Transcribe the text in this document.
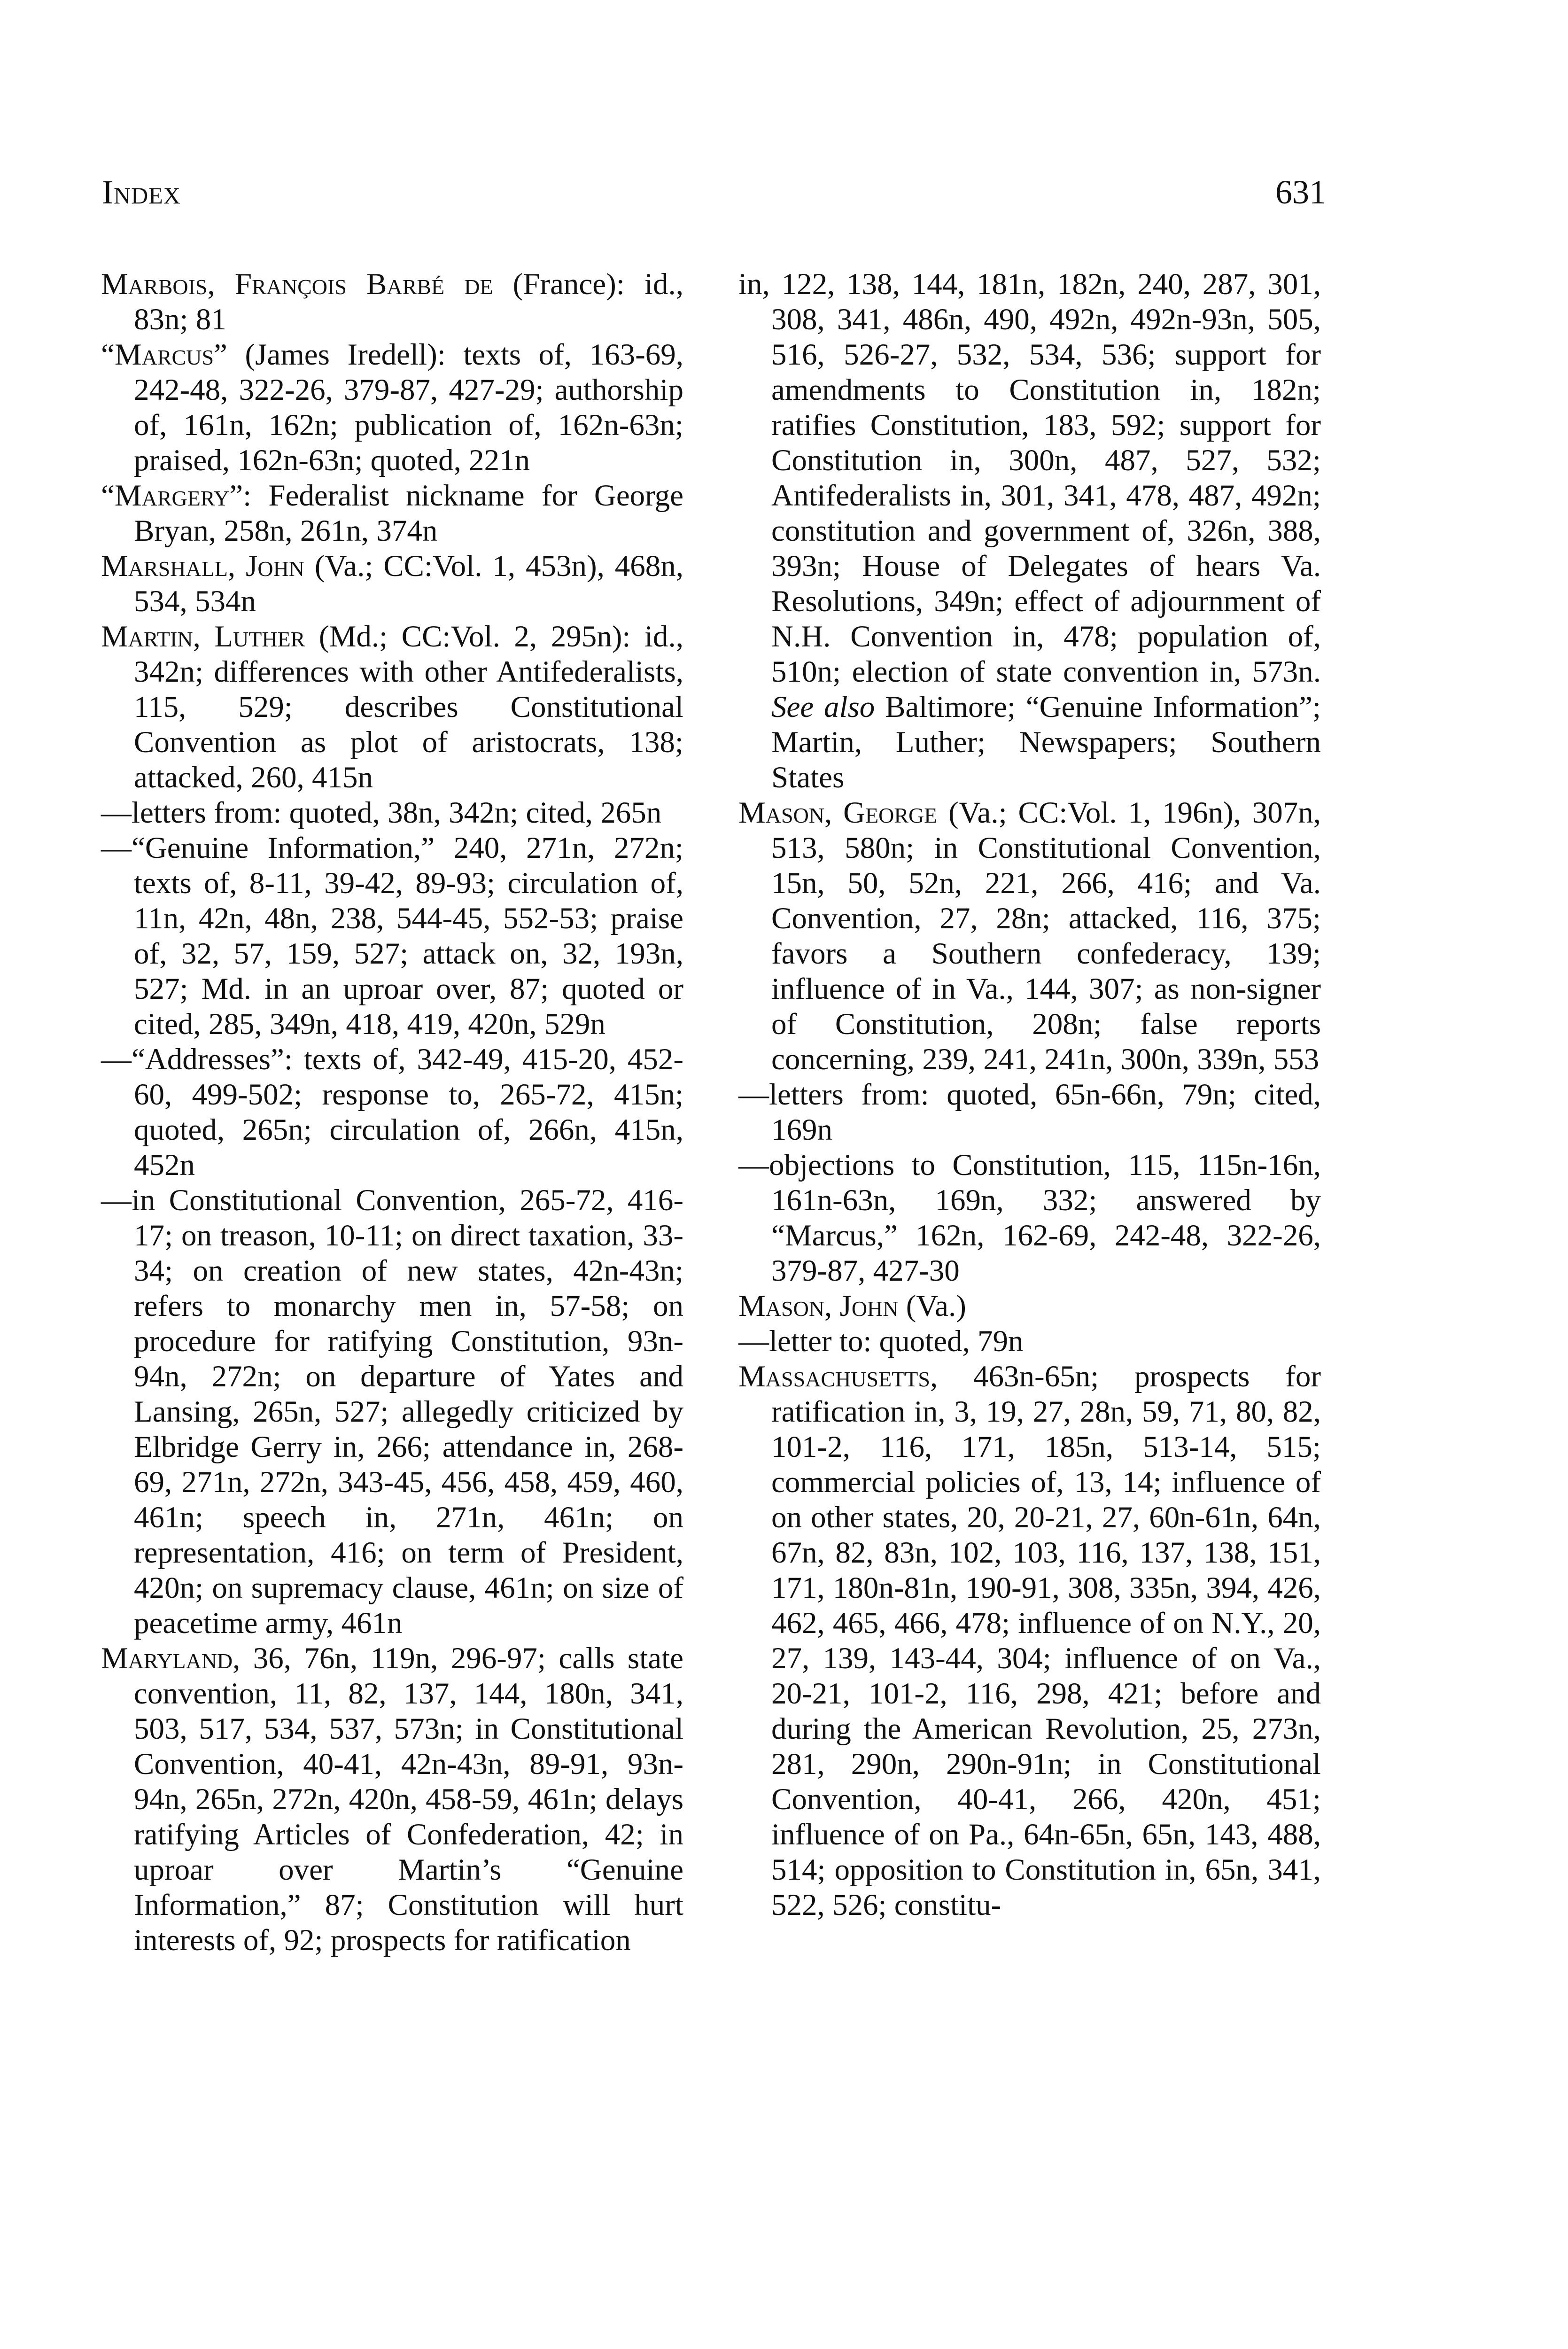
Index	631

Marbois, François Barbé de (France): id., 83n; 81

“Marcus” (James Iredell): texts of, 163-69, 242-48, 322-26, 379-87, 427-29; authorship of, 161n, 162n; publication of, 162n-63n; praised, 162n-63n; quoted, 221n

“Margery”: Federalist nickname for George Bryan, 258n, 261n, 374n

Marshall, John (Va.; CC:Vol. 1, 453n), 468n, 534, 534n

Martin, Luther (Md.; CC:Vol. 2, 295n): id., 342n; differences with other Antifederalists, 115, 529; describes Constitutional Convention as plot of aristocrats, 138; attacked, 260, 415n

—letters from: quoted, 38n, 342n; cited, 265n

—“Genuine Information,” 240, 271n, 272n; texts of, 8-11, 39-42, 89-93; circulation of, 11n, 42n, 48n, 238, 544-45, 552-53; praise of, 32, 57, 159, 527; attack on, 32, 193n, 527; Md. in an uproar over, 87; quoted or cited, 285, 349n, 418, 419, 420n, 529n

—“Addresses”: texts of, 342-49, 415-20, 452-60, 499-502; response to, 265-72, 415n; quoted, 265n; circulation of, 266n, 415n, 452n

—in Constitutional Convention, 265-72, 416-17; on treason, 10-11; on direct taxation, 33-34; on creation of new states, 42n-43n; refers to monarchy men in, 57-58; on procedure for ratifying Constitution, 93n-94n, 272n; on departure of Yates and Lansing, 265n, 527; allegedly criticized by Elbridge Gerry in, 266; attendance in, 268-69, 271n, 272n, 343-45, 456, 458, 459, 460, 461n; speech in, 271n, 461n; on representation, 416; on term of President, 420n; on supremacy clause, 461n; on size of peacetime army, 461n

Maryland, 36, 76n, 119n, 296-97; calls state convention, 11, 82, 137, 144, 180n, 341, 503, 517, 534, 537, 573n; in Constitutional Convention, 40-41, 42n-43n, 89-91, 93n-94n, 265n, 272n, 420n, 458-59, 461n; delays ratifying Articles of Confederation, 42; in uproar over Martin’s “Genuine Information,” 87; Constitution will hurt interests of, 92; prospects for ratification

in, 122, 138, 144, 181n, 182n, 240, 287, 301, 308, 341, 486n, 490, 492n, 492n-93n, 505, 516, 526-27, 532, 534, 536; support for amendments to Constitution in, 182n; ratifies Constitution, 183, 592; support for Constitution in, 300n, 487, 527, 532; Antifederalists in, 301, 341, 478, 487, 492n; constitution and government of, 326n, 388, 393n; House of Delegates of hears Va. Resolutions, 349n; effect of adjournment of N.H. Convention in, 478; population of, 510n; election of state convention in, 573n. See also Baltimore; “Genuine Information”; Martin, Luther; Newspapers; Southern States

Mason, George (Va.; CC:Vol. 1, 196n), 307n, 513, 580n; in Constitutional Convention, 15n, 50, 52n, 221, 266, 416; and Va. Convention, 27, 28n; attacked, 116, 375; favors a Southern confederacy, 139; influence of in Va., 144, 307; as non-signer of Constitution, 208n; false reports concerning, 239, 241, 241n, 300n, 339n, 553

—letters from: quoted, 65n-66n, 79n; cited, 169n

—objections to Constitution, 115, 115n-16n, 161n-63n, 169n, 332; answered by “Marcus,” 162n, 162-69, 242-48, 322-26, 379-87, 427-30

Mason, John (Va.)

—letter to: quoted, 79n

Massachusetts, 463n-65n; prospects for ratification in, 3, 19, 27, 28n, 59, 71, 80, 82, 101-2, 116, 171, 185n, 513-14, 515; commercial policies of, 13, 14; influence of on other states, 20, 20-21, 27, 60n-61n, 64n, 67n, 82, 83n, 102, 103, 116, 137, 138, 151, 171, 180n-81n, 190-91, 308, 335n, 394, 426, 462, 465, 466, 478; influence of on N.Y., 20, 27, 139, 143-44, 304; influence of on Va., 20-21, 101-2, 116, 298, 421; before and during the American Revolution, 25, 273n, 281, 290n, 290n-91n; in Constitutional Convention, 40-41, 266, 420n, 451; influence of on Pa., 64n-65n, 65n, 143, 488, 514; opposition to Constitution in, 65n, 341, 522, 526; constitu-
